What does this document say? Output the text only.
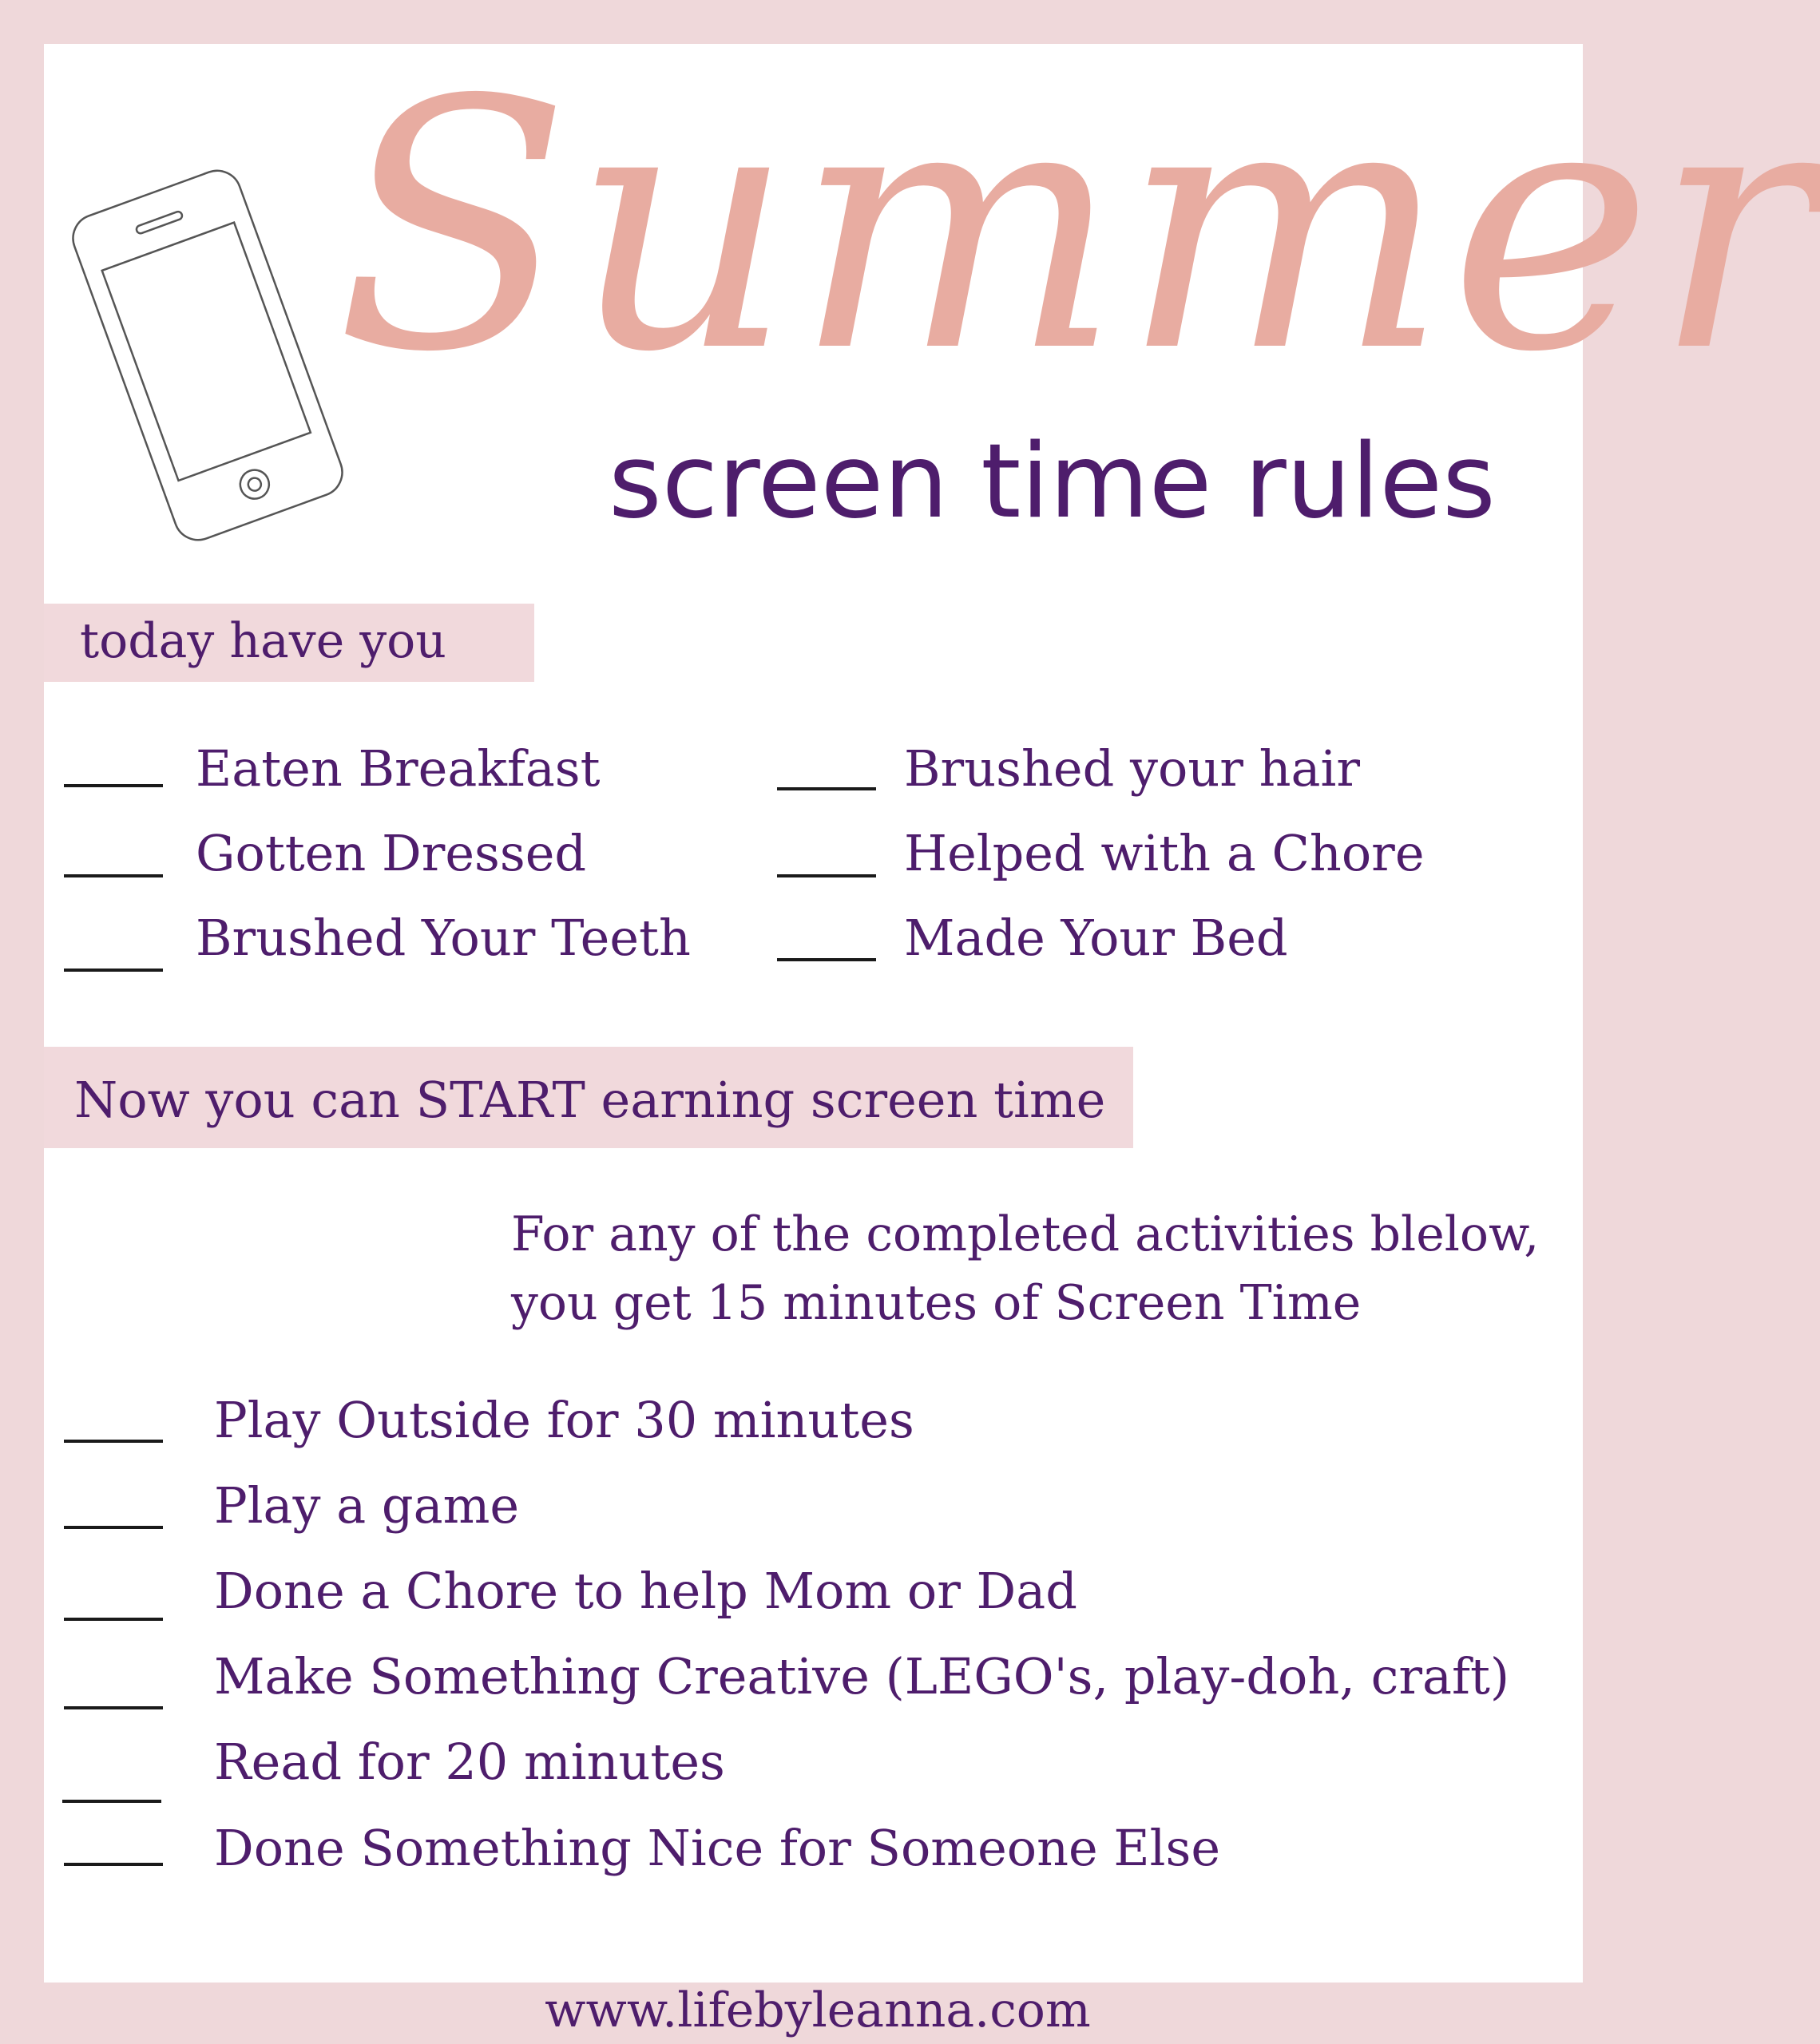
Summer
screen time rules
today have you
Eaten Breakfast
Gotten Dressed
Brushed Your Teeth
Brushed your hair
Helped with a Chore
Made Your Bed
Now you can START earning screen time
For any of the completed activities blelow,
you get 15 minutes of Screen Time
Play Outside for 30 minutes
Play a game
Done a Chore to help Mom or Dad
Make Something Creative (LEGO's, play-doh, craft)
Read for 20 minutes
Done Something Nice for Someone Else
www.lifebyleanna.com
